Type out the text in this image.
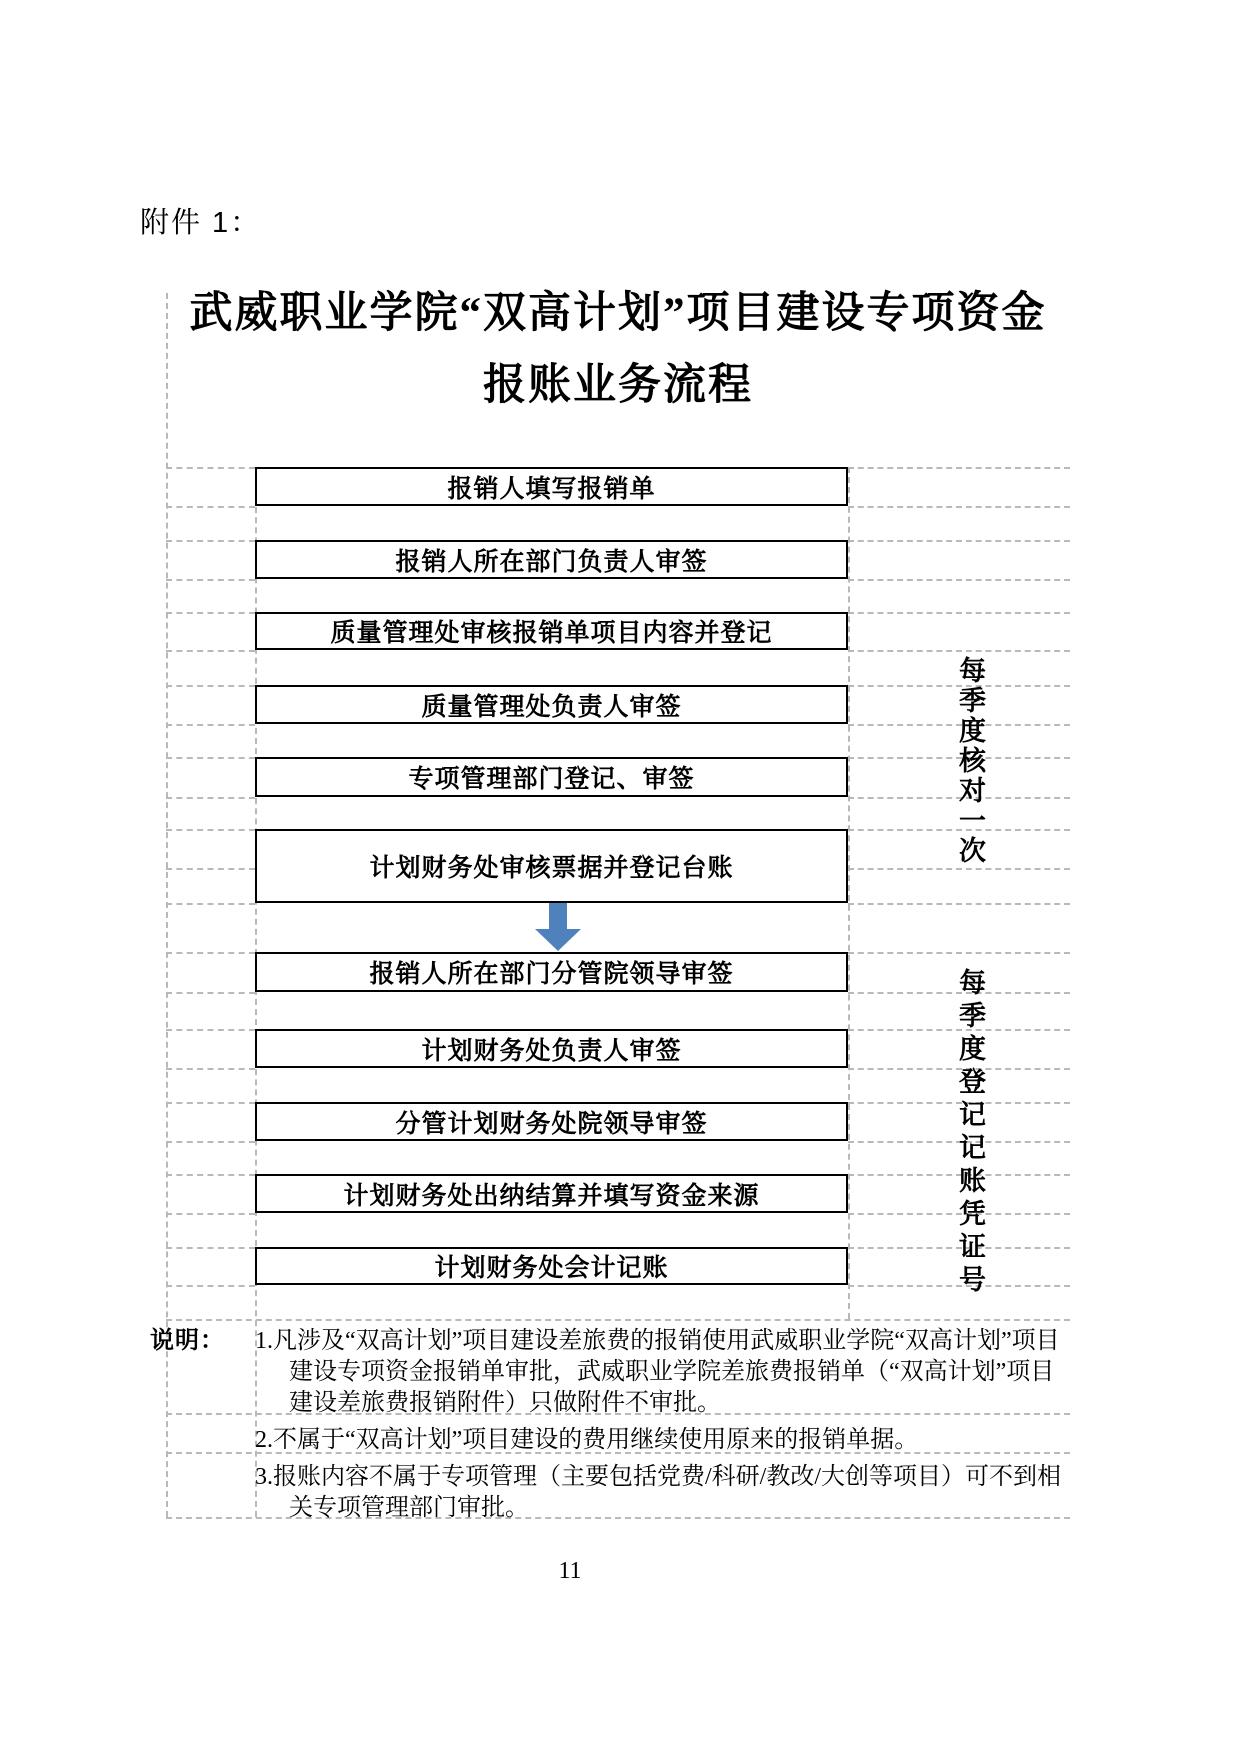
附件 1：
武威职业学院“双高计划”项目建设专项资金
报账业务流程
报销人填写报销单
报销人所在部门负责人审签
质量管理处审核报销单项目内容并登记
质量管理处负责人审签
专项管理部门登记、审签
计划财务处审核票据并登记台账
报销人所在部门分管院领导审签
计划财务处负责人审签
分管计划财务处院领导审签
计划财务处出纳结算并填写资金来源
计划财务处会计记账
每季度核对一次
每季度登记记账凭证号
说明： 1.凡涉及“双高计划”项目建设差旅费的报销使用武威职业学院“双高计划”项目建设专项资金报销单审批，武威职业学院差旅费报销单（“双高计划”项目建设差旅费报销附件）只做附件不审批。
2.不属于“双高计划”项目建设的费用继续使用原来的报销单据。
3.报账内容不属于专项管理（主要包括党费/科研/教改/大创等项目）可不到相关专项管理部门审批。
11
